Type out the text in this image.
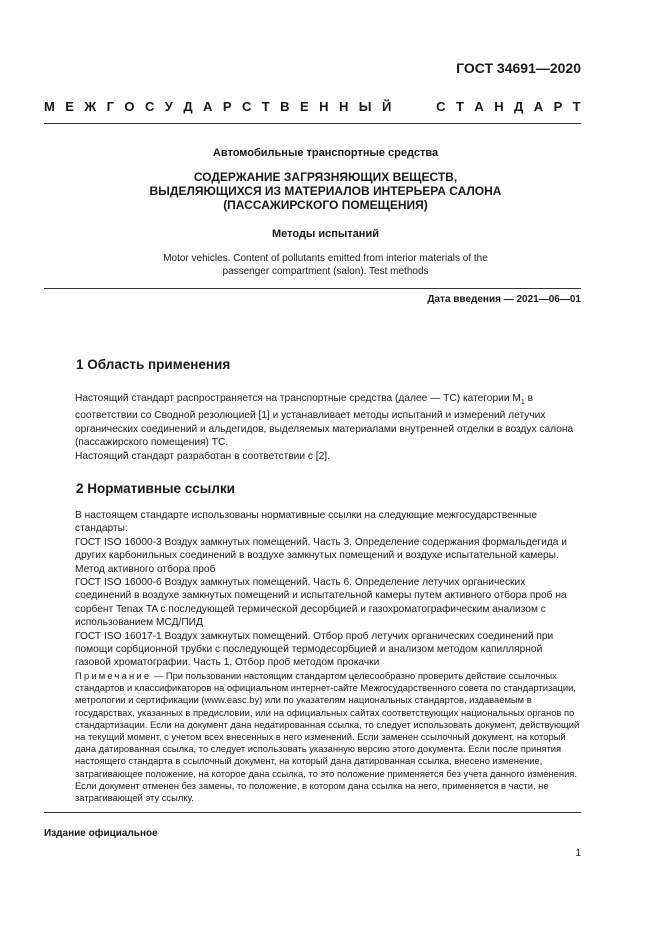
ГОСТ 34691—2020
М Е Ж Г О С У Д А Р С Т В Е Н Н Ы Й	С Т А Н Д А Р Т
Автомобильные транспортные средства
СОДЕРЖАНИЕ ЗАГРЯЗНЯЮЩИХ ВЕЩЕСТВ,
ВЫДЕЛЯЮЩИХСЯ ИЗ МАТЕРИАЛОВ ИНТЕРЬЕРА САЛОНА
(ПАССАЖИРСКОГО ПОМЕЩЕНИЯ)
Методы испытаний
Motor vehicles. Content of pollutants emitted from interior materials of the
passenger compartment (salon). Test methods
Дата введения — 2021—06—01
1 Область применения

Настоящий стандарт распространяется на транспортные средства (далее — ТС) категории $М_1$ в соответствии со Сводной резолюцией [1] и устанавливает методы испытаний и измерений летучих органических соединений и альдегидов, выделяемых материалами внутренней отделки в воздух салона (пассажирского помещения) ТС.

Настоящий стандарт разработан в соответствии с [2].

2 Нормативные ссылки

В настоящем стандарте использованы нормативные ссылки на следующие межгосударственные стандарты:

ГОСТ ISO 16000-3 Воздух замкнутых помещений. Часть 3. Определение содержания формальдегида и других карбонильных соединений в воздухе замкнутых помещений и воздухе испытательной камеры. Метод активного отбора проб

ГОСТ ISO 16000-6 Воздух замкнутых помещений. Часть 6. Определение летучих органических соединений в воздухе замкнутых помещений и испытательной камеры путем активного отбора проб на сорбент Tenax TA с последующей термической десорбцией и газохроматографическим анализом с использованием МСД/ПИД

ГОСТ ISO 16017-1 Воздух замкнутых помещений. Отбор проб летучих органических соединений при помощи сорбционной трубки с последующей термодесорбцией и анализом методом капиллярной газовой хроматографии. Часть 1. Отбор проб методом прокачки

Примечание — При пользовании настоящим стандартом целесообразно проверить действие ссылочных стандартов и классификаторов на официальном интернет-сайте Межгосударственного совета по стандартизации, метрологии и сертификации (www.easc.by) или по указателям национальных стандартов, издаваемым в государствах, указанных в предисловии, или на официальных сайтах соответствующих национальных органов по стандартизации. Если на документ дана недатированная ссылка, то следует использовать документ, действующий на текущий момент, с учетом всех внесенных в него изменений. Если заменен ссылочный документ, на который дана датированная ссылка, то следует использовать указанную версию этого документа. Если после принятия настоящего стандарта в ссылочный документ, на который дана датированная ссылка, внесено изменение, затрагивающее положение, на которое дана ссылка, то это положение применяется без учета данного изменения. Если документ отменен без замены, то положение, в котором дана ссылка на него, применяется в части, не затрагивающей эту ссылку.
Издание официальное
1
